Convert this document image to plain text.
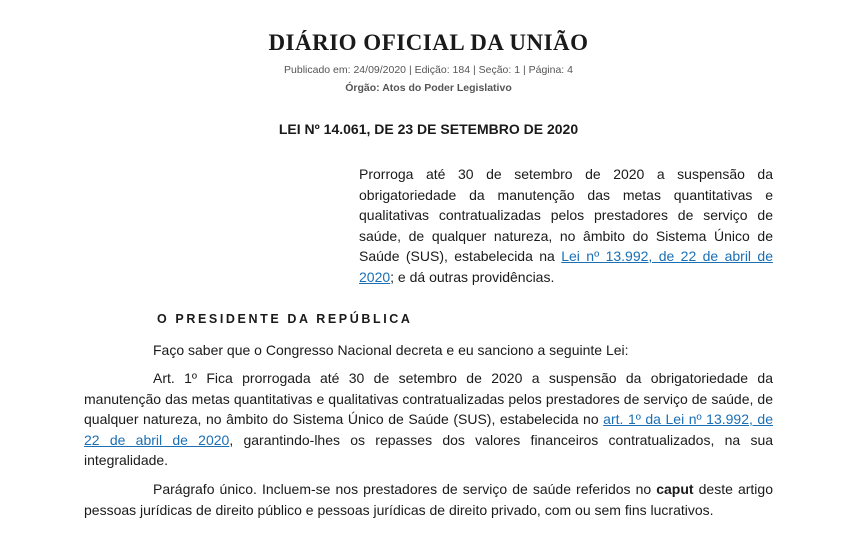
DIÁRIO OFICIAL DA UNIÃO
Publicado em: 24/09/2020 | Edição: 184 | Seção: 1 | Página: 4
Órgão: Atos do Poder Legislativo
LEI Nº 14.061, DE 23 DE SETEMBRO DE 2020
Prorroga até 30 de setembro de 2020 a suspensão da obrigatoriedade da manutenção das metas quantitativas e qualitativas contratualizadas pelos prestadores de serviço de saúde, de qualquer natureza, no âmbito do Sistema Único de Saúde (SUS), estabelecida na Lei nº 13.992, de 22 de abril de 2020; e dá outras providências.
O PRESIDENTE DA REPÚBLICA

Faço saber que o Congresso Nacional decreta e eu sanciono a seguinte Lei:

Art. 1º Fica prorrogada até 30 de setembro de 2020 a suspensão da obrigatoriedade da manutenção das metas quantitativas e qualitativas contratualizadas pelos prestadores de serviço de saúde, de qualquer natureza, no âmbito do Sistema Único de Saúde (SUS), estabelecida no art. 1º da Lei nº 13.992, de 22 de abril de 2020, garantindo-lhes os repasses dos valores financeiros contratualizados, na sua integralidade.

Parágrafo único. Incluem-se nos prestadores de serviço de saúde referidos no caput deste artigo pessoas jurídicas de direito público e pessoas jurídicas de direito privado, com ou sem fins lucrativos.
